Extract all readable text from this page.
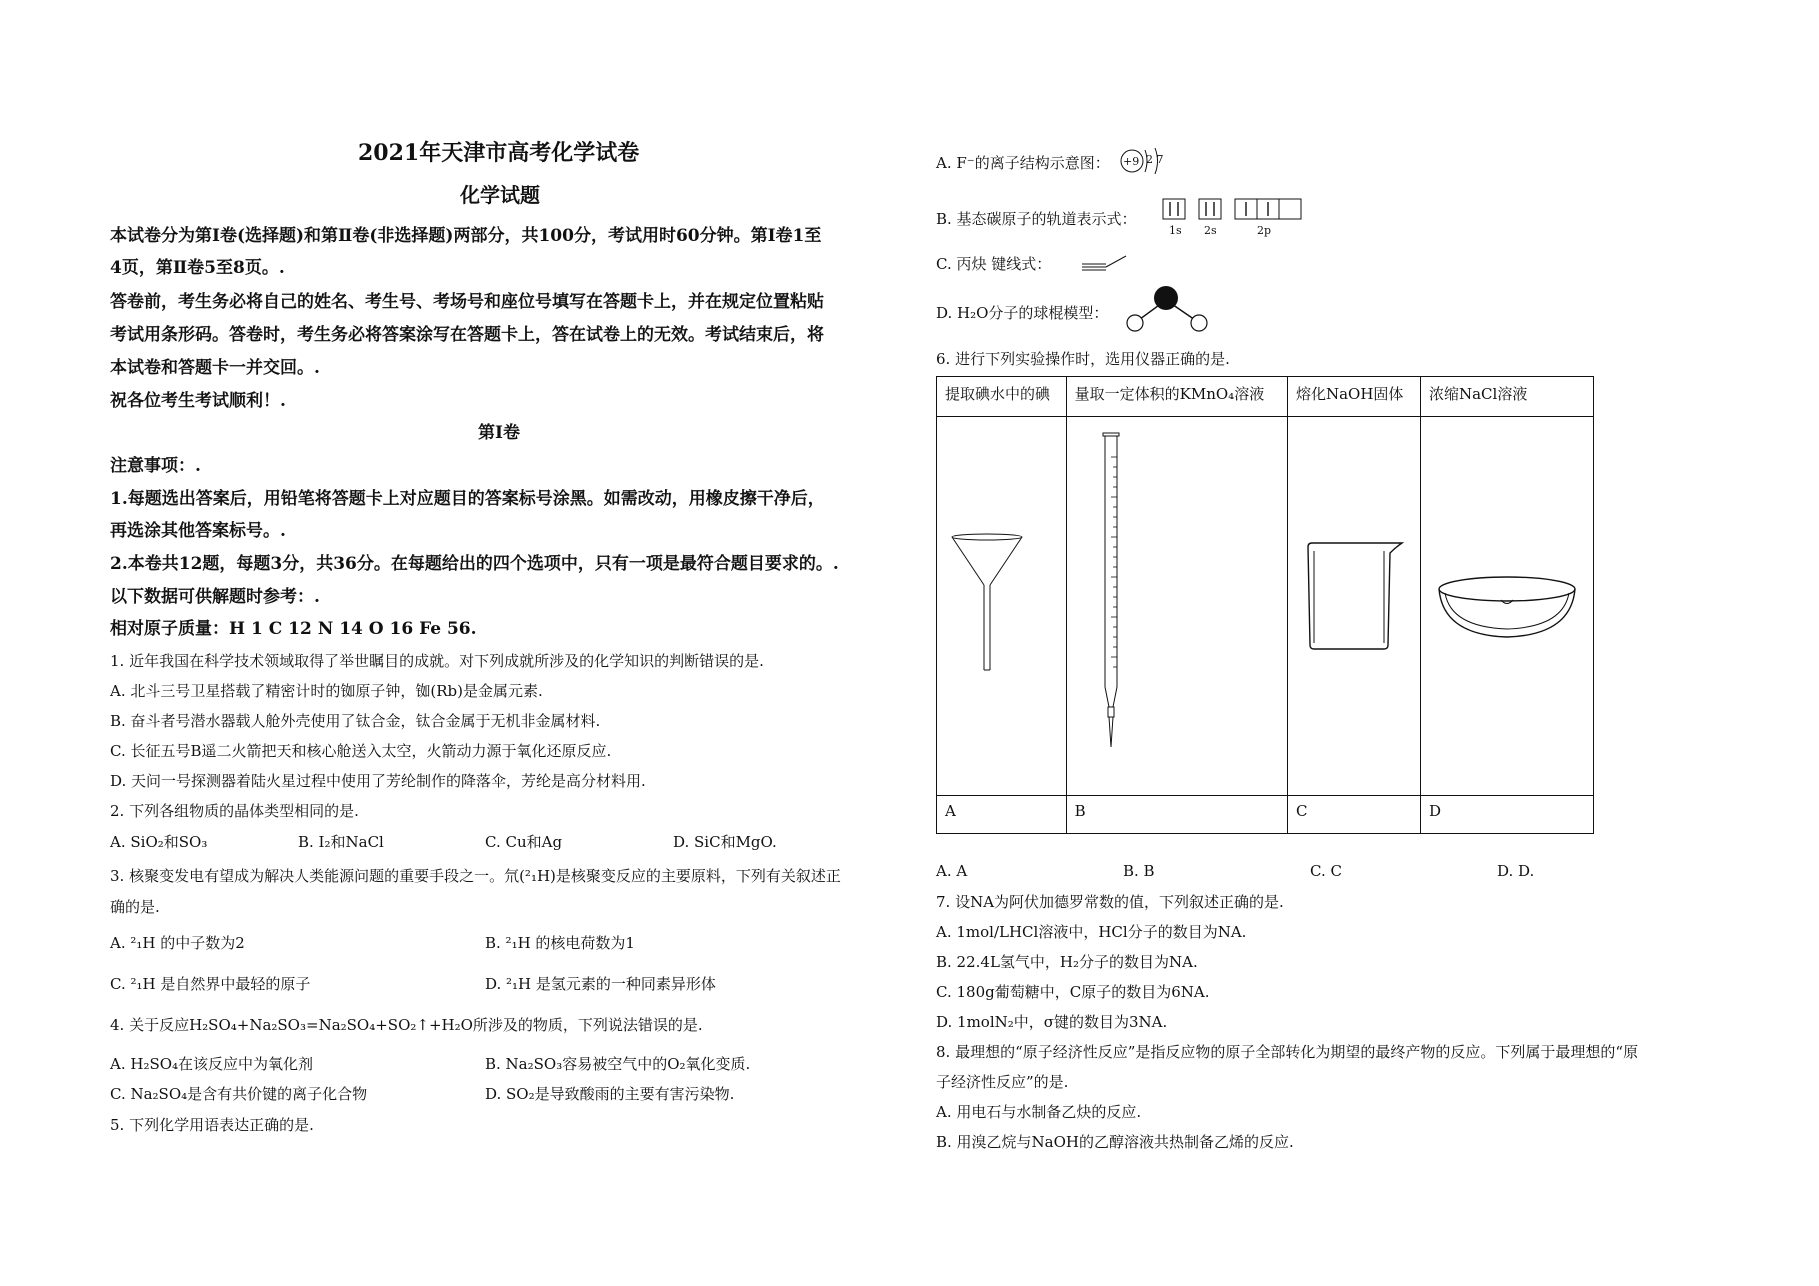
2021年天津市高考化学试卷
化学试题
本试卷分为第Ⅰ卷(选择题)和第Ⅱ卷(非选择题)两部分，共100分，考试用时60分钟。第Ⅰ卷1至
4页，第Ⅱ卷5至8页。.
答卷前，考生务必将自己的姓名、考生号、考场号和座位号填写在答题卡上，并在规定位置粘贴
考试用条形码。答卷时，考生务必将答案涂写在答题卡上，答在试卷上的无效。考试结束后，将
本试卷和答题卡一并交回。.
祝各位考生考试顺利！.
第Ⅰ卷
注意事项：.
1.每题选出答案后，用铅笔将答题卡上对应题目的答案标号涂黑。如需改动，用橡皮擦干净后，
再选涂其他答案标号。.
2.本卷共12题，每题3分，共36分。在每题给出的四个选项中，只有一项是最符合题目要求的。.
以下数据可供解题时参考：.
相对原子质量：H 1 C 12 N 14 O 16 Fe 56.
1. 近年我国在科学技术领域取得了举世瞩目的成就。对下列成就所涉及的化学知识的判断错误的是.
A. 北斗三号卫星搭载了精密计时的铷原子钟，铷(Rb)是金属元素.
B. 奋斗者号潜水器载人舱外壳使用了钛合金，钛合金属于无机非金属材料.
C. 长征五号B遥二火箭把天和核心舱送入太空，火箭动力源于氧化还原反应.
D. 天问一号探测器着陆火星过程中使用了芳纶制作的降落伞，芳纶是高分材料用.
2. 下列各组物质的晶体类型相同的是.
A. SiO₂和SO₃	B. I₂和NaCl	C. Cu和Ag	D. SiC和MgO.
3. 核聚变发电有望成为解决人类能源问题的重要手段之一。氘(²₁H)是核聚变反应的主要原料，下列有关叙述正
确的是.
A. ²₁H 的中子数为2	B. ²₁H 的核电荷数为1
C. ²₁H 是自然界中最轻的原子	D. ²₁H 是氢元素的一种同素异形体
4. 关于反应H₂SO₄+Na₂SO₃=Na₂SO₄+SO₂↑+H₂O所涉及的物质，下列说法错误的是.
A. H₂SO₄在该反应中为氧化剂	B. Na₂SO₃容易被空气中的O₂氧化变质.
C. Na₂SO₄是含有共价键的离子化合物	D. SO₂是导致酸雨的主要有害污染物.
5. 下列化学用语表达正确的是.
A. F⁻的离子结构示意图： +9 2 7
B. 基态碳原子的轨道表示式：
1s 2s	2p
C. 丙炔 键线式：
D. H₂O分子的球棍模型：
6. 进行下列实验操作时，选用仪器正确的是.
提取碘水中的碘	量取一定体积的KMnO₄溶液	熔化NaOH固体	浓缩NaCl溶液

A	B	C	D
A. A	B. B	C. C	D. D.
7. 设NA为阿伏加德罗常数的值，下列叙述正确的是.
A. 1mol/LHCl溶液中，HCl分子的数目为NA.
B. 22.4L氢气中，H₂分子的数目为NA.
C. 180g葡萄糖中，C原子的数目为6NA.
D. 1molN₂中，σ键的数目为3NA.
8. 最理想的“原子经济性反应”是指反应物的原子全部转化为期望的最终产物的反应。下列属于最理想的“原
子经济性反应”的是.
A. 用电石与水制备乙炔的反应.
B. 用溴乙烷与NaOH的乙醇溶液共热制备乙烯的反应.
